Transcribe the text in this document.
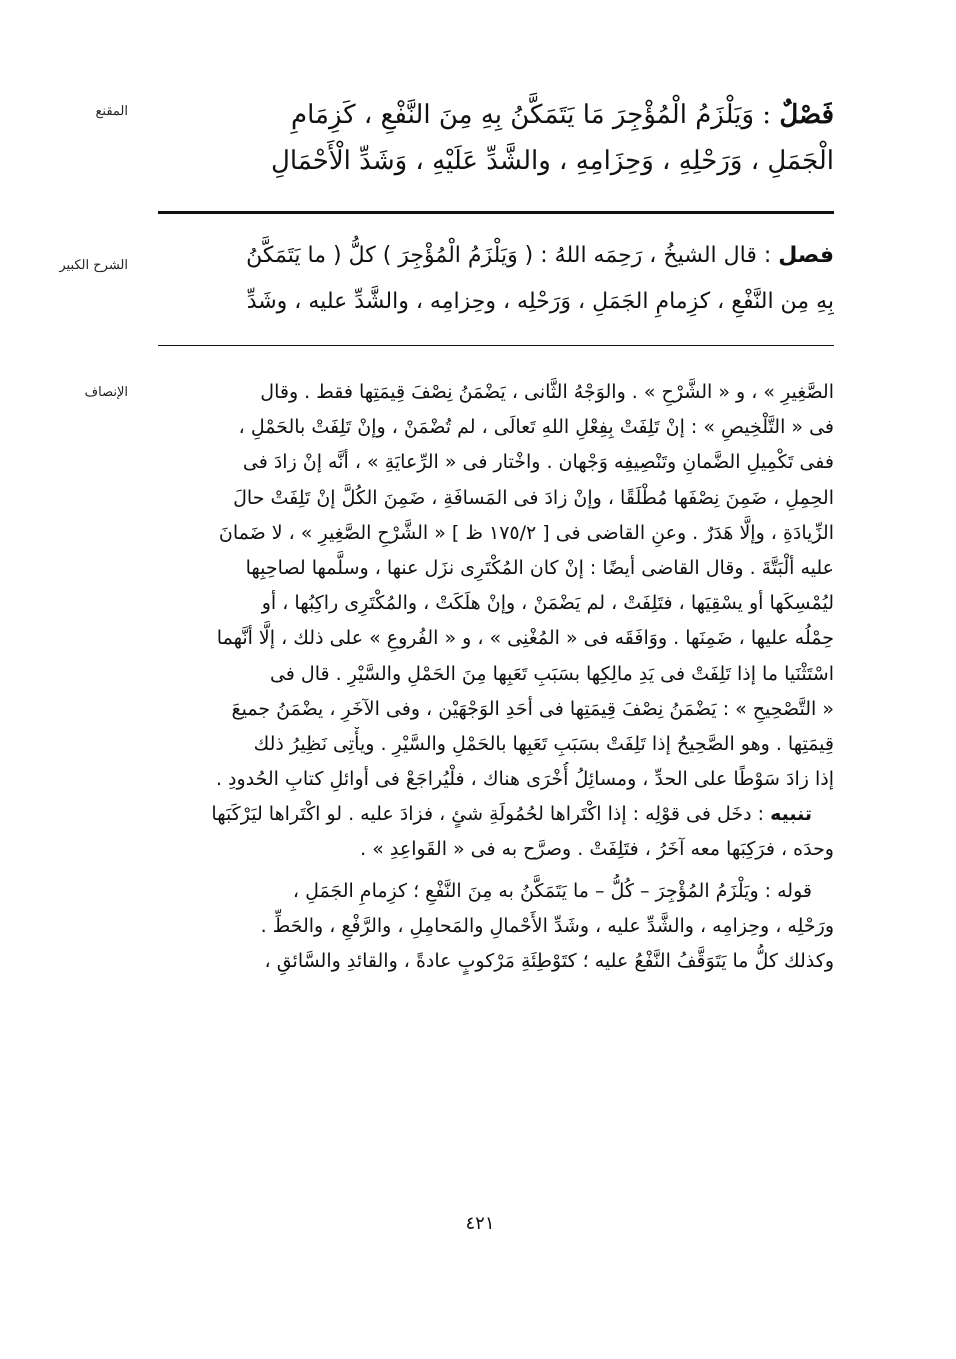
المقنع
الشرح الكبير
الإنصاف
فَصْلٌ : وَيَلْزَمُ الْمُؤْجِرَ مَا يَتَمَكَّنُ بِهِ مِنَ النَّفْعِ ، كَزِمَامِ
الْجَمَلِ ، وَرَحْلِهِ ، وَحِزَامِهِ ، والشَّدِّ عَلَيْهِ ، وَشَدِّ الْأَحْمَالِ
فصل : قال الشيخُ ، رَحِمَه اللهُ : ( وَيَلْزَمُ الْمُؤْجِرَ ) كلُّ ( ما يَتَمَكَّنُ
بِهِ مِن النَّفْعِ ، كزِمامِ الجَمَلِ ، وَرَحْلِه ، وحِزامِه ، والشَّدِّ عليه ، وشَدِّ
الصَّغِيرِ » ، و « الشَّرْحِ » . والوَجْهُ الثَّانى ، يَضْمَنُ نِصْفَ قِيمَتِها فقط . وقال
فى « التَّلْخِيصِ » : إنْ تَلِفَتْ بِفِعْلِ اللهِ تَعالَى ، لم تُضْمَنْ ، وإنْ تَلِفَتْ بالحَمْلِ ،
ففى تَكْمِيلِ الضَّمانِ وتَنْصِيفِه وَجْهان . واخْتار فى « الرِّعايَةِ » ، أنَّه إنْ زادَ فى
الحِمِلِ ، ضَمِنَ نِصْفَها مُطْلَقًا ، وإنْ زادَ فى المَسافَةِ ، ضَمِنَ الكُلَّ إنْ تَلِفَتْ حالَ
الزِّيادَةِ ، وإلَّا هَدَرٌ . وعنِ القاضى فى [ ١٧٥/٢ ظ ] « الشَّرْحِ الصَّغِيرِ » ، لا ضَمانَ
عليه ألْبَتَّةَ . وقال القاضى أيضًا : إنْ كان المُكْتَرِى نزَل عنها ، وسلَّمها لصاحِبِها
ليُمْسِكَها أو يسْقِيَها ، فتَلِفَتْ ، لم يَضْمَنْ ، وإنْ هلَكَتْ ، والمُكْتَرِى راكِبُها ، أو
حِمْلُه عليها ، ضَمِنَها . ووَافَقَه فى « المُغْنِى » ، و « الفُروعِ » على ذلك ، إلَّا أنَّهما
اسْتَثْنَيا ما إذا تَلِفَتْ فى يَدِ مالِكِها بسَبَبِ تَعَبِها مِنَ الحَمْلِ والسَّيْرِ . قال فى
« التَّصْحِيحِ » : يَضْمَنُ نِصْفَ قِيمَتِها فى أحَدِ الوَجْهَيْن ، وفى الآخَرِ ، يضْمَنُ جميعَ
قِيمَتِها . وهو الصَّحِيحُ إذا تَلِفَتْ بسَبَبِ تَعَبِها بالحَمْلِ والسَّيْرِ . ويأْتِى نَظِيرُ ذلك
إذا زادَ سَوْطًا على الحدِّ ، ومسائِلُ أُخْرَى هناك ، فلْيُراجَعْ فى أوائلِ كتابِ الحُدودِ .
تنبيه : دخَل فى قوْلِه : إذا اكْتَراها لحُمُولَةِ شئٍ ، فزادَ عليه . لو اكْتَراها ليَرْكَبَها
وحدَه ، فرَكِبَها معه آخَرُ ، فتَلِفَتْ . وصرَّح به فى « القَواعِدِ » .
قوله : ويَلْزَمُ المُؤْجِرَ – كُلُّ – ما يَتَمَكَّنُ به مِنَ النَّفْعِ ؛ كزِمامِ الجَمَلِ ،
ورَحْلِه ، وحِزامِه ، والشَّدِّ عليه ، وشَدِّ الأَحْمالِ والمَحامِلِ ، والرَّفْعِ ، والحَطِّ .
وكذلك كلُّ ما يَتَوَقَّفُ النَّفْعُ عليه ؛ كتَوْطِئَةِ مَرْكوبٍ عادةً ، والقائدِ والسَّائقِ ،
٤٢١
